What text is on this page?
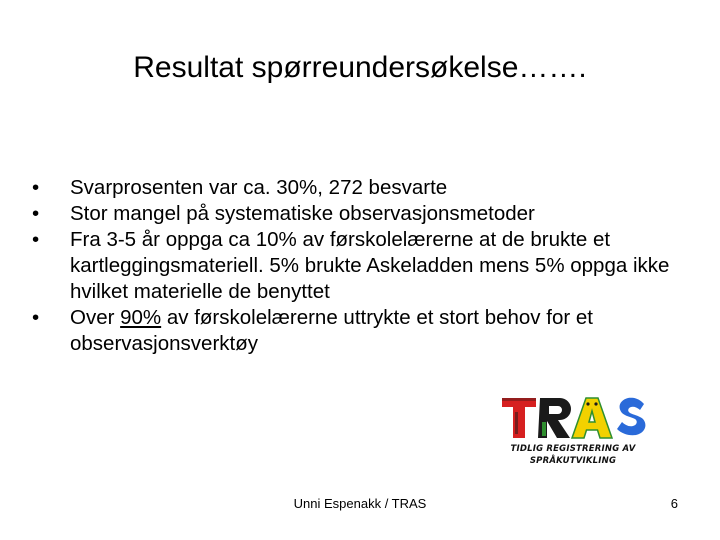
Resultat spørreundersøkelse…….
• Svarprosenten var ca. 30%, 272 besvarte
• Stor mangel på systematiske observasjonsmetoder
• Fra 3-5 år oppga ca 10% av førskolelærerne at de brukte et kartleggingsmateriell. 5% brukte Askeladden mens 5% oppga ikke hvilket materielle de benyttet
• Over 90% av førskolelærerne uttrykte et stort behov for et observasjonsverktøy
TIDLIG REGISTRERING AV
SPRÅKUTVIKLING
Unni Espenakk / TRAS	6
